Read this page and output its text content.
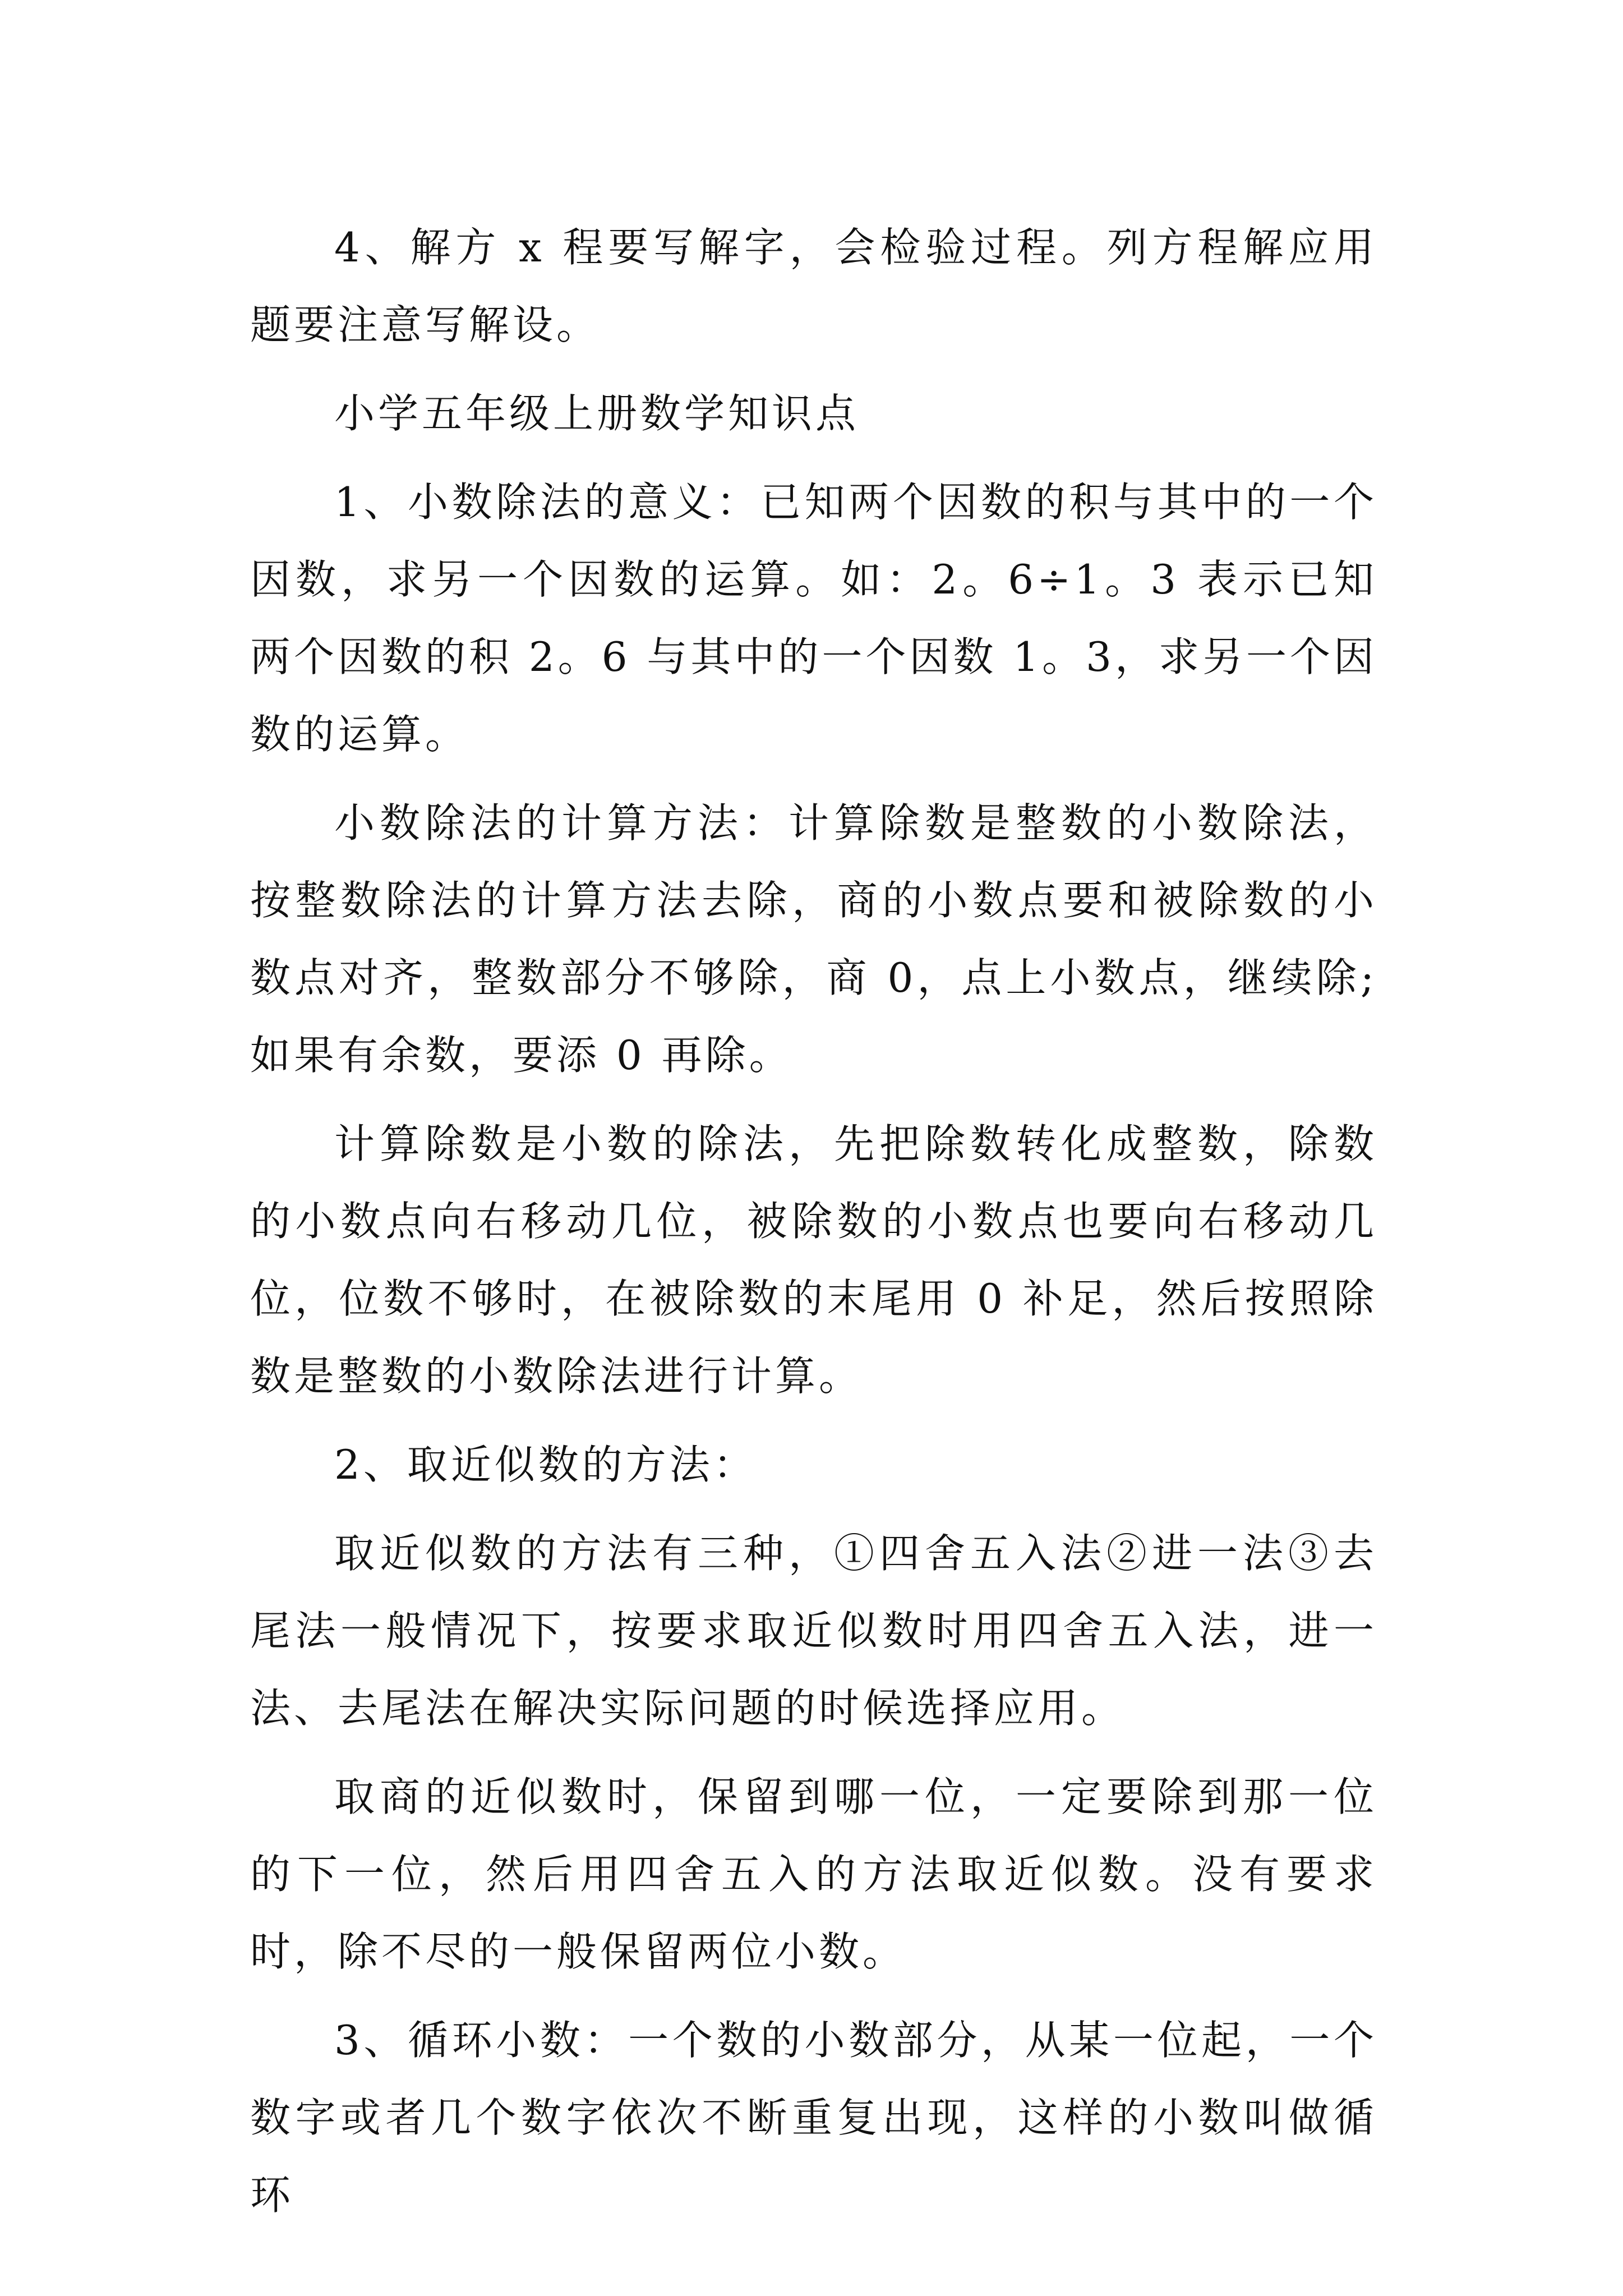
4、解方 x 程要写解字，会检验过程。列方程解应用题要注意写解设。

小学五年级上册数学知识点

1、小数除法的意义：已知两个因数的积与其中的一个因数，求另一个因数的运算。如：2。6÷1。3 表示已知两个因数的积 2。6 与其中的一个因数 1。3，求另一个因数的运算。

小数除法的计算方法：计算除数是整数的小数除法，按整数除法的计算方法去除，商的小数点要和被除数的小数点对齐，整数部分不够除，商 0，点上小数点，继续除;如果有余数，要添 0 再除。

计算除数是小数的除法，先把除数转化成整数，除数的小数点向右移动几位，被除数的小数点也要向右移动几位，位数不够时，在被除数的末尾用 0 补足，然后按照除数是整数的小数除法进行计算。

2、取近似数的方法：

取近似数的方法有三种，①四舍五入法②进一法③去尾法一般情况下，按要求取近似数时用四舍五入法，进一法、去尾法在解决实际问题的时候选择应用。

取商的近似数时，保留到哪一位，一定要除到那一位的下一位，然后用四舍五入的方法取近似数。没有要求时，除不尽的一般保留两位小数。

3、循环小数：一个数的小数部分，从某一位起，一个数字或者几个数字依次不断重复出现，这样的小数叫做循环
